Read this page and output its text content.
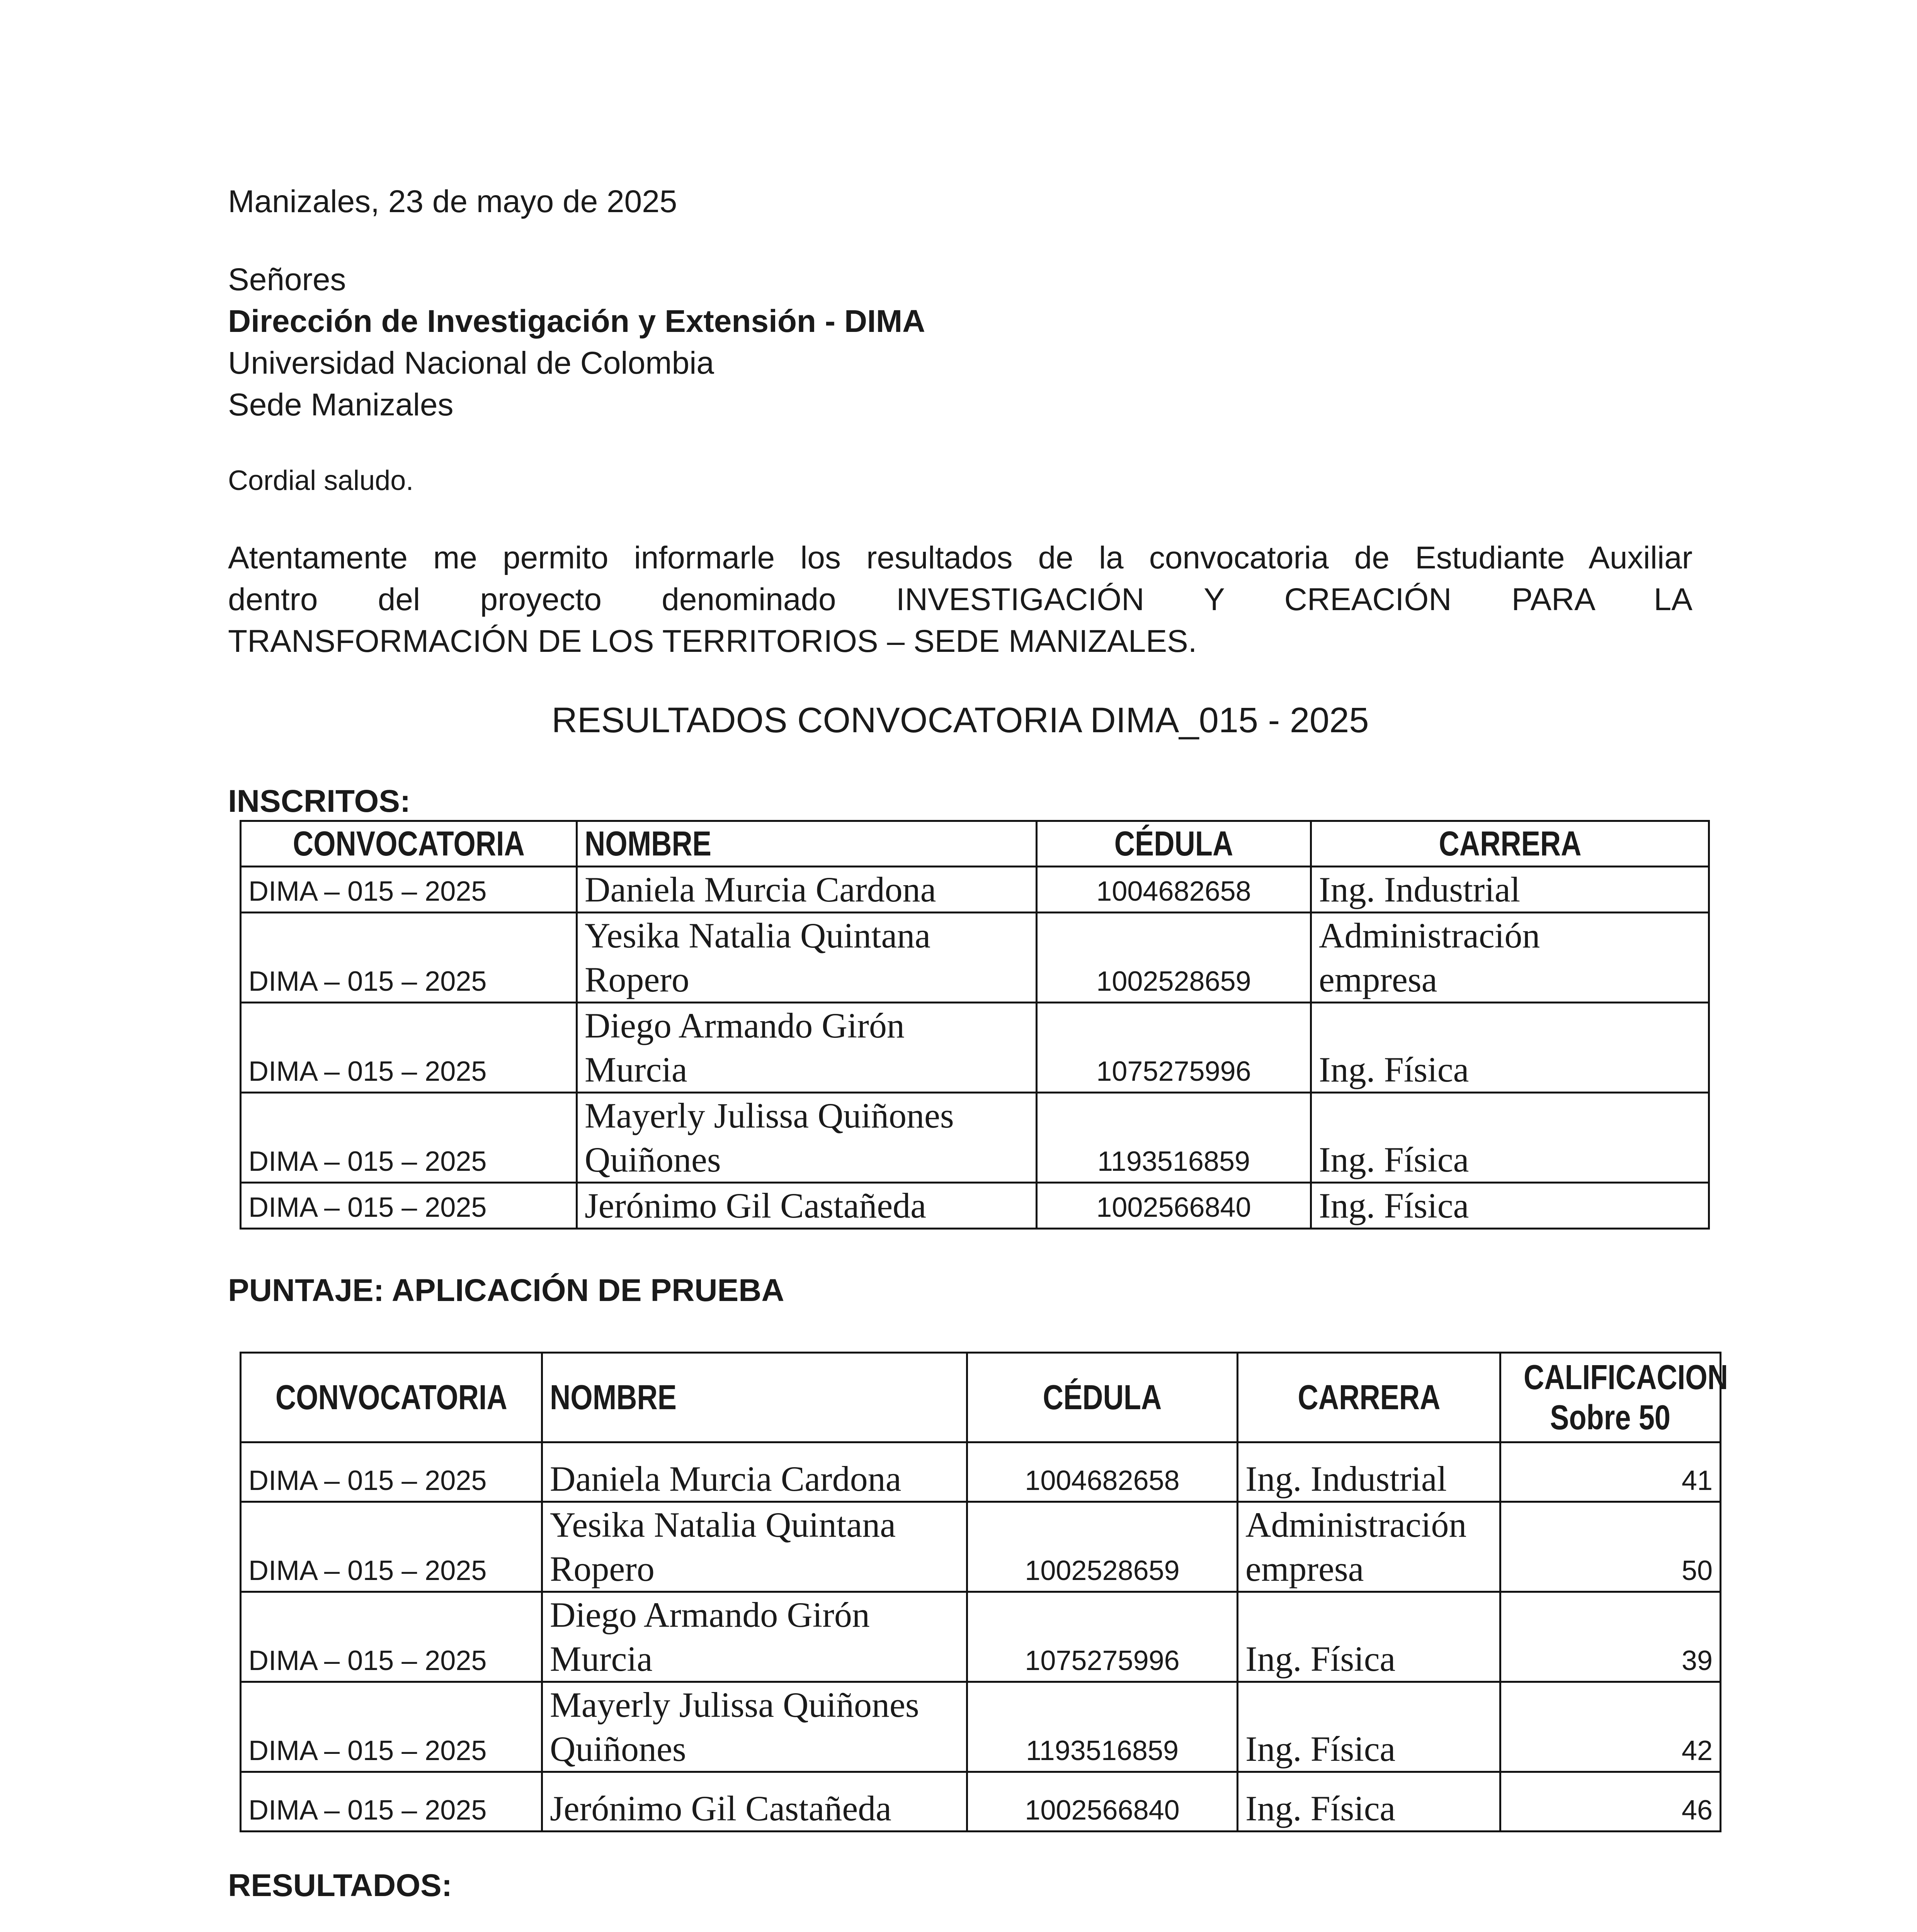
Manizales, 23 de mayo de 2025

Señores

Dirección de Investigación y Extensión - DIMA

Universidad Nacional de Colombia

Sede Manizales

Cordial saludo.

Atentamente me permito informarle los resultados de la convocatoria de Estudiante Auxiliar

dentro del proyecto denominado INVESTIGACIÓN Y CREACIÓN PARA LA

TRANSFORMACIÓN DE LOS TERRITORIOS – SEDE MANIZALES.

RESULTADOS CONVOCATORIA DIMA_015 - 2025

INSCRITOS:

CONVOCATORIA	NOMBRE	CÉDULA	CARRERA
DIMA – 015 – 2025	Daniela Murcia Cardona	1004682658	Ing. Industrial
DIMA – 015 – 2025	Yesika Natalia Quintana Ropero	1002528659	Administración empresa
DIMA – 015 – 2025	Diego Armando Girón Murcia	1075275996	Ing. Física
DIMA – 015 – 2025	Mayerly Julissa Quiñones Quiñones	1193516859	Ing. Física
DIMA – 015 – 2025	Jerónimo Gil Castañeda	1002566840	Ing. Física

PUNTAJE: APLICACIÓN DE PRUEBA

CONVOCATORIA	NOMBRE	CÉDULA	CARRERA	CALIFICACION
Sobre 50

DIMA – 015 – 2025	Daniela Murcia Cardona	1004682658	Ing. Industrial	41
DIMA – 015 – 2025	Yesika Natalia Quintana Ropero	1002528659	Administración empresa	50
DIMA – 015 – 2025	Diego Armando Girón Murcia	1075275996	Ing. Física	39
DIMA – 015 – 2025	Mayerly Julissa Quiñones Quiñones	1193516859	Ing. Física	42
DIMA – 015 – 2025	Jerónimo Gil Castañeda	1002566840	Ing. Física	46

RESULTADOS:
